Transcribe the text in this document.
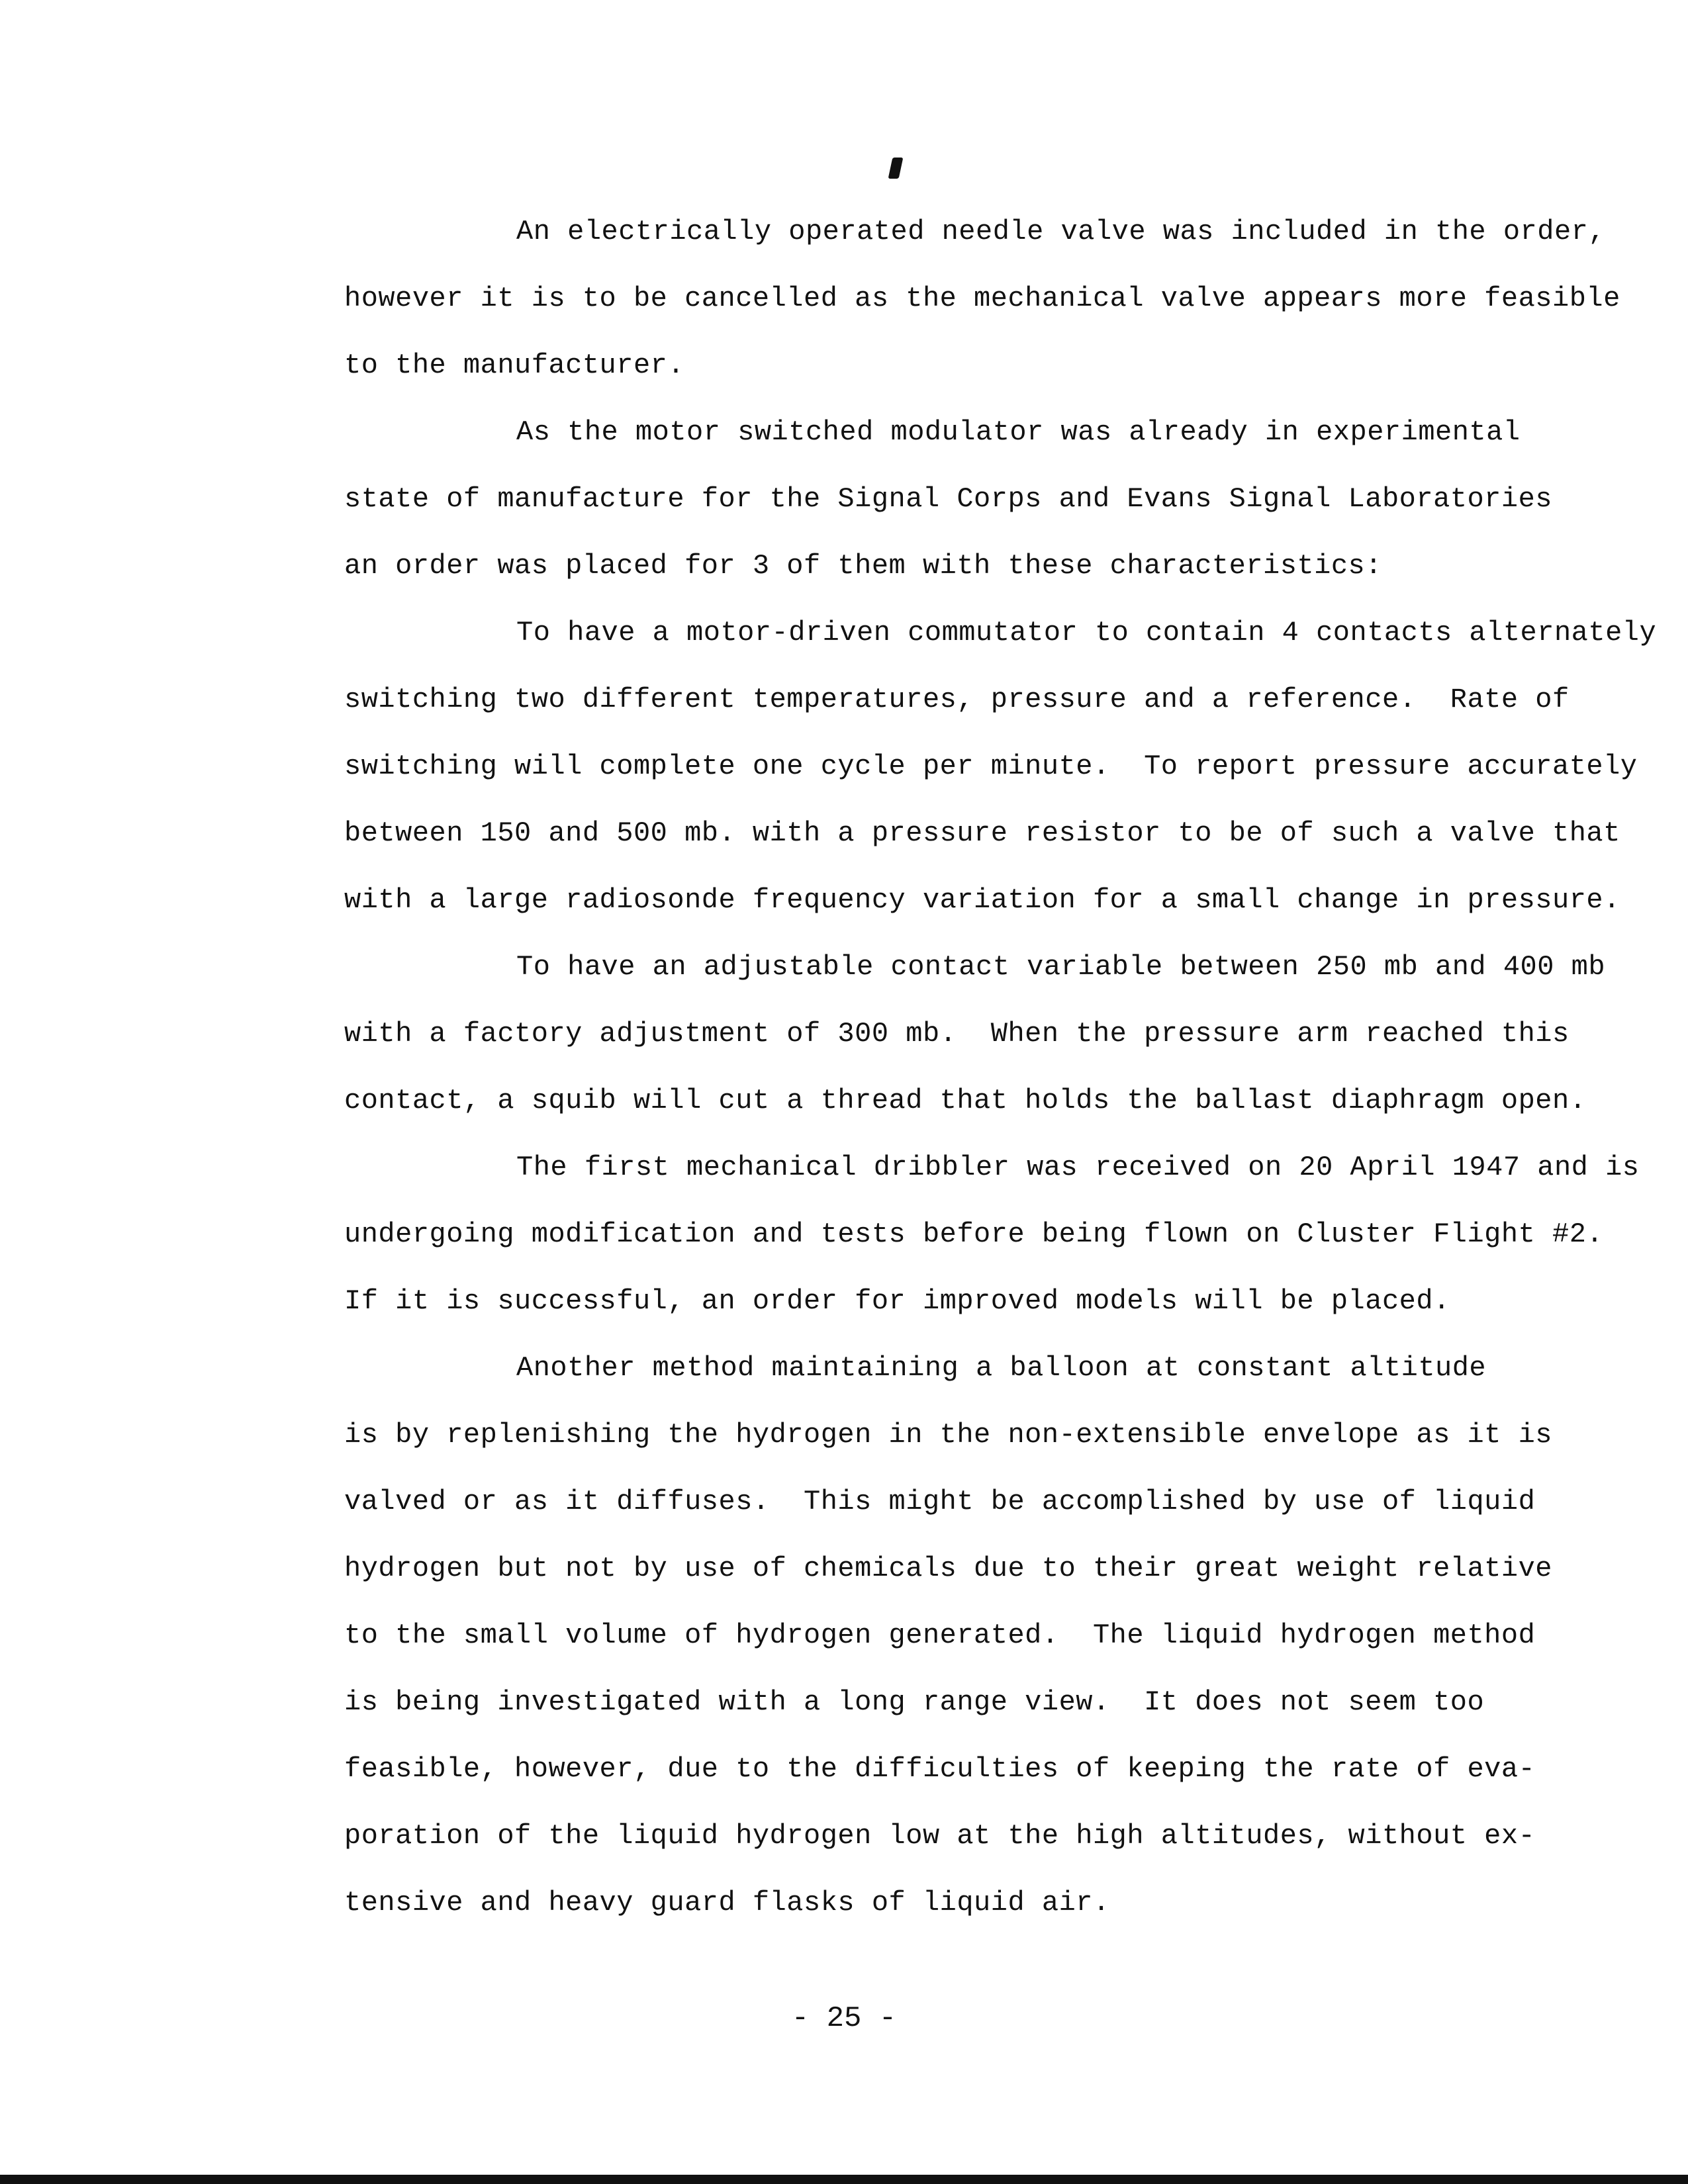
An electrically operated needle valve was included in the order,
however it is to be cancelled as the mechanical valve appears more feasible
to the manufacturer.
As the motor switched modulator was already in experimental
state of manufacture for the Signal Corps and Evans Signal Laboratories
an order was placed for 3 of them with these characteristics:
To have a motor-driven commutator to contain 4 contacts alternately
switching two different temperatures, pressure and a reference.  Rate of
switching will complete one cycle per minute.  To report pressure accurately
between 150 and 500 mb. with a pressure resistor to be of such a valve that
with a large radiosonde frequency variation for a small change in pressure.
To have an adjustable contact variable between 250 mb and 400 mb
with a factory adjustment of 300 mb.  When the pressure arm reached this
contact, a squib will cut a thread that holds the ballast diaphragm open.
The first mechanical dribbler was received on 20 April 1947 and is
undergoing modification and tests before being flown on Cluster Flight #2.
If it is successful, an order for improved models will be placed.
Another method maintaining a balloon at constant altitude
is by replenishing the hydrogen in the non-extensible envelope as it is
valved or as it diffuses.  This might be accomplished by use of liquid
hydrogen but not by use of chemicals due to their great weight relative
to the small volume of hydrogen generated.  The liquid hydrogen method
is being investigated with a long range view.  It does not seem too
feasible, however, due to the difficulties of keeping the rate of eva-
poration of the liquid hydrogen low at the high altitudes, without ex-
tensive and heavy guard flasks of liquid air.
- 25 -
